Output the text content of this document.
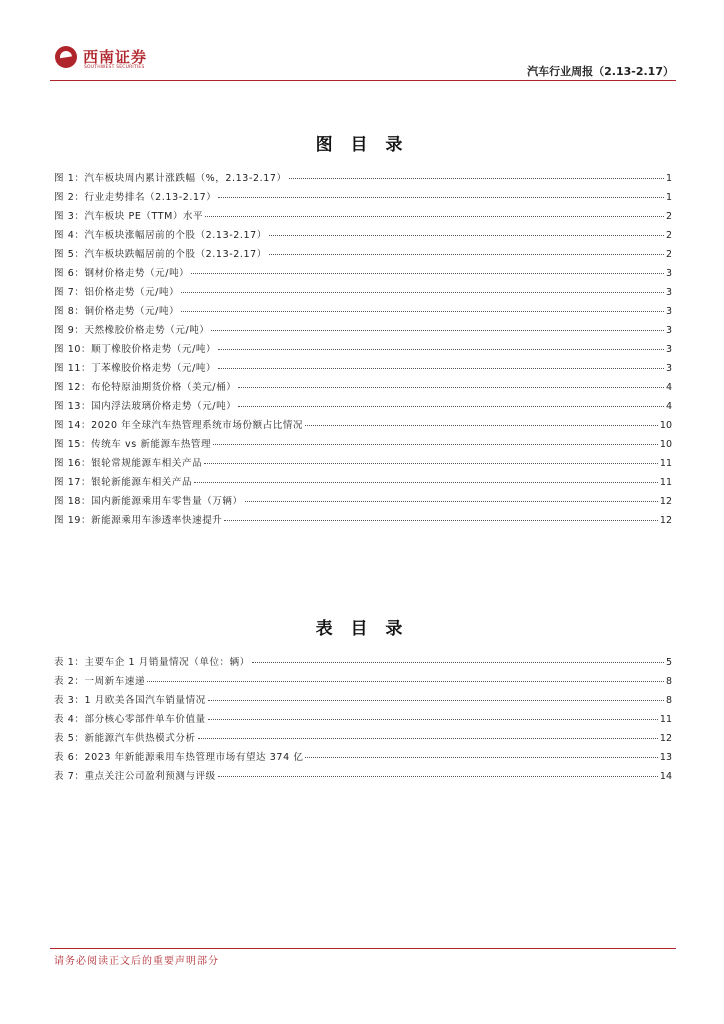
西南证券
SOUTHWEST SECURITIES	汽车行业周报（2.13-2.17）
图 目 录
图 1：汽车板块周内累计涨跌幅（%，2.13-2.17）	1
图 2：行业走势排名（2.13-2.17）	1
图 3：汽车板块 PE（TTM）水平	2
图 4：汽车板块涨幅居前的个股（2.13-2.17）	2
图 5：汽车板块跌幅居前的个股（2.13-2.17）	2
图 6：钢材价格走势（元/吨）	3
图 7：铝价格走势（元/吨）	3
图 8：铜价格走势（元/吨）	3
图 9：天然橡胶价格走势（元/吨）	3
图 10：顺丁橡胶价格走势（元/吨）	3
图 11：丁苯橡胶价格走势（元/吨）	3
图 12：布伦特原油期货价格（美元/桶）	4
图 13：国内浮法玻璃价格走势（元/吨）	4
图 14：2020 年全球汽车热管理系统市场份额占比情况	10
图 15：传统车 vs 新能源车热管理	10
图 16：银轮常规能源车相关产品	11
图 17：银轮新能源车相关产品	11
图 18：国内新能源乘用车零售量（万辆）	12
图 19：新能源乘用车渗透率快速提升	12
表 目 录
表 1：主要车企 1 月销量情况（单位：辆）	5
表 2：一周新车速递	8
表 3：1 月欧美各国汽车销量情况	8
表 4：部分核心零部件单车价值量	11
表 5：新能源汽车供热模式分析	12
表 6：2023 年新能源乘用车热管理市场有望达 374 亿	13
表 7：重点关注公司盈利预测与评级	14
请务必阅读正文后的重要声明部分
